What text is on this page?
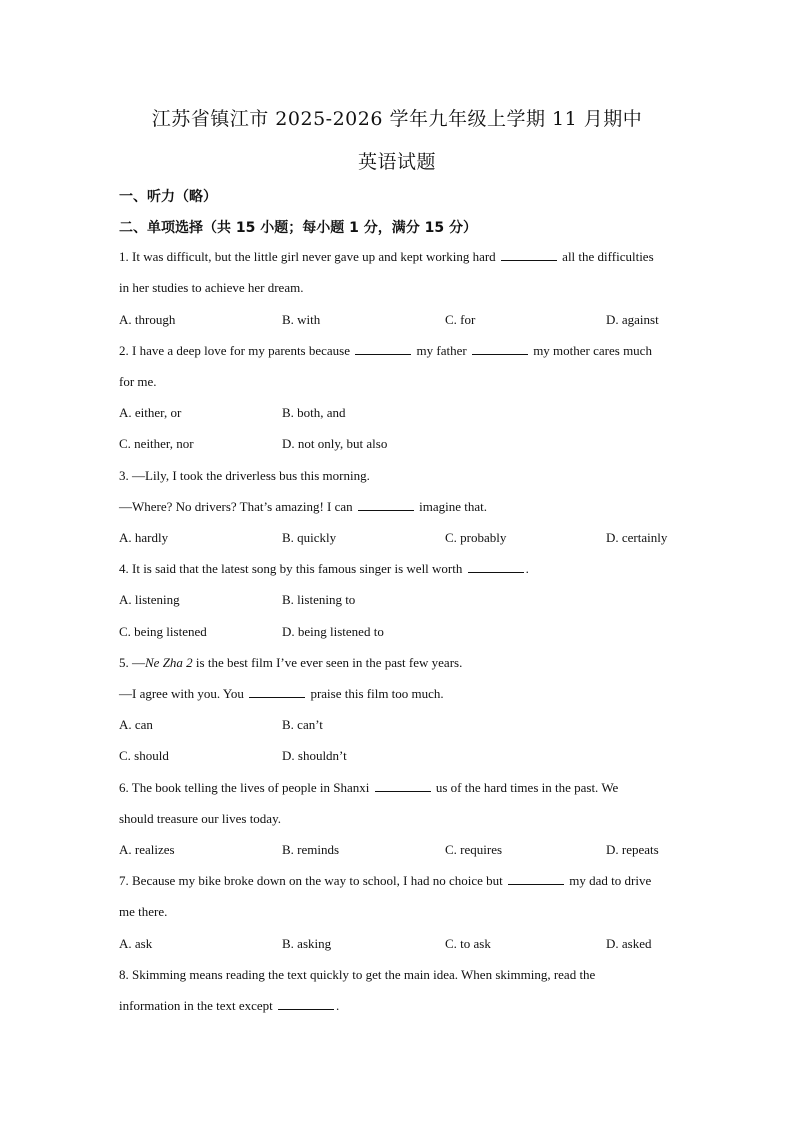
江苏省镇江市 2025-2026 学年九年级上学期 11 月期中
英语试题
一、听力（略）
二、单项选择（共 15 小题；每小题 1 分，满分 15 分）
1. It was difficult, but the little girl never gave up and kept working hard	all the difficulties
in her studies to achieve her dream.
A. through	B. with	C. for	D. against
2. I have a deep love for my parents because	my father	my mother cares much
for me.
A. either, or	B. both, and
C. neither, nor	D. not only, but also
3. —Lily, I took the driverless bus this morning.
—Where? No drivers? That’s amazing! I can	imagine that.
A. hardly	B. quickly	C. probably	D. certainly
4. It is said that the latest song by this famous singer is well worth	.
A. listening	B. listening to
C. being listened	D. being listened to
5. —Ne Zha 2 is the best film I’ve ever seen in the past few years.
—I agree with you. You	praise this film too much.
A. can	B. can’t
C. should	D. shouldn’t
6. The book telling the lives of people in Shanxi	us of the hard times in the past. We
should treasure our lives today.
A. realizes	B. reminds	C. requires	D. repeats
7. Because my bike broke down on the way to school, I had no choice but	my dad to drive
me there.
A. ask	B. asking	C. to ask	D. asked
8. Skimming means reading the text quickly to get the main idea. When skimming, read the
information in the text except	.
